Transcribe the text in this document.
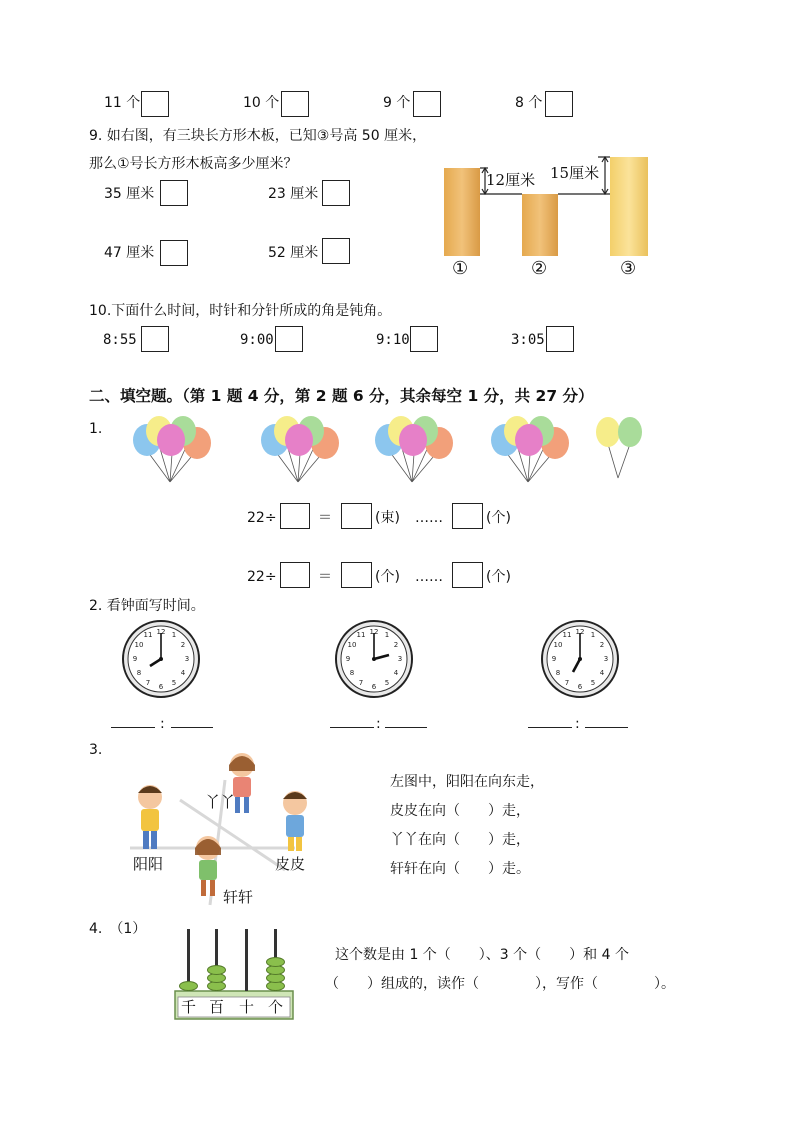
11 个	10 个	9 个	8 个
9. 如右图，有三块长方形木板，已知③号高 50 厘米，
那么①号长方形木板高多少厘米？
35 厘米	23 厘米
47 厘米	52 厘米
12厘米 15厘米
①	②	③
10.下面什么时间，时针和分针所成的角是钝角。
8:55	9:00	9:10	3:05
二、填空题。（第 1 题 4 分，第 2 题 6 分，其余每空 1 分，共 27 分）
1.
22÷	＝	(束) ……	(个)
22÷	＝	(个) ……	(个)
2. 看钟面写时间。
12 1
2
3
4
5
6
7
8
9
10
11	12 1
2
3
4
5
6
7
8
9
10
11	12 1
2
3
4
5
6
7
8
9
10
11
:	:	:
3.
阳阳
丫丫
皮皮
轩轩
左图中，阳阳在向东走，
皮皮在向（　　）走，
丫丫在向（　　）走，
轩轩在向（　　）走。
4.　（1）
千 百 十 个
这个数是由 1 个（　　）、3 个（　　）和 4 个
（　　）组成的，读作（　　　　），写作（　　　　）。
